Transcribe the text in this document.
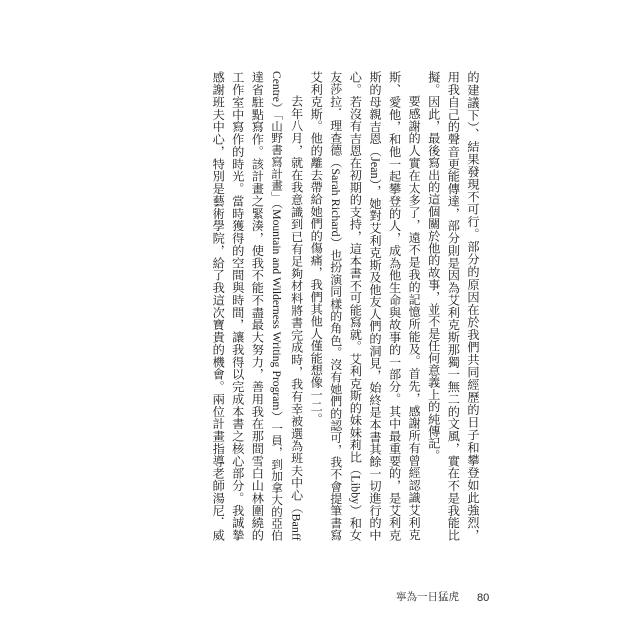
的建議下）、結果發現不可行。部分的原因在於我們共同經歷的日子和攀登如此強烈，
用我自己的聲音更能傳達，部分則是因為艾利克斯那獨一無二的文風，實在不是我能比
擬。因此，最後寫出的這個關於他的故事，並不是任何意義上的純傳記。
要感謝的人實在太多了，遠不是我的記憶所能及。首先，感謝所有曾經認識艾利克
斯、愛他，和他一起攀登的人，成為他生命與故事的一部分。其中最重要的，是艾利克
斯的母親吉恩（Jean），她對艾利克斯及他友人們的洞見，始終是本書其餘一切進行的中
心。若沒有吉恩在初期的支持，這本書不可能寫就。艾利克斯的妹妹莉比（Libby）和女
友莎拉．理查德（Sarah Richard）也扮演同樣的角色。沒有她們的認可，我不會提筆書寫
艾利克斯。他的離去帶給她們的傷痛，我們其他人僅能想像一二。
去年八月，就在我意識到已有足夠材料將書完成時，我有幸被選為班夫中心（Banff
Centre）「山野書寫計畫」（Mountain and Wilderness Writing Program）一員，到加拿大的亞伯
達省駐點寫作。該計畫之緊湊，使我不能不盡最大努力，善用我在那間雪白山林圍繞的
工作室中寫作的時光。當時獲得的空間與時間，讓我得以完成本書之核心部分。我誠摯
感謝班夫中心，特別是藝術學院，給了我這次寶貴的機會。兩位計畫指導老師湯尼．威
寧為一日猛虎 80
